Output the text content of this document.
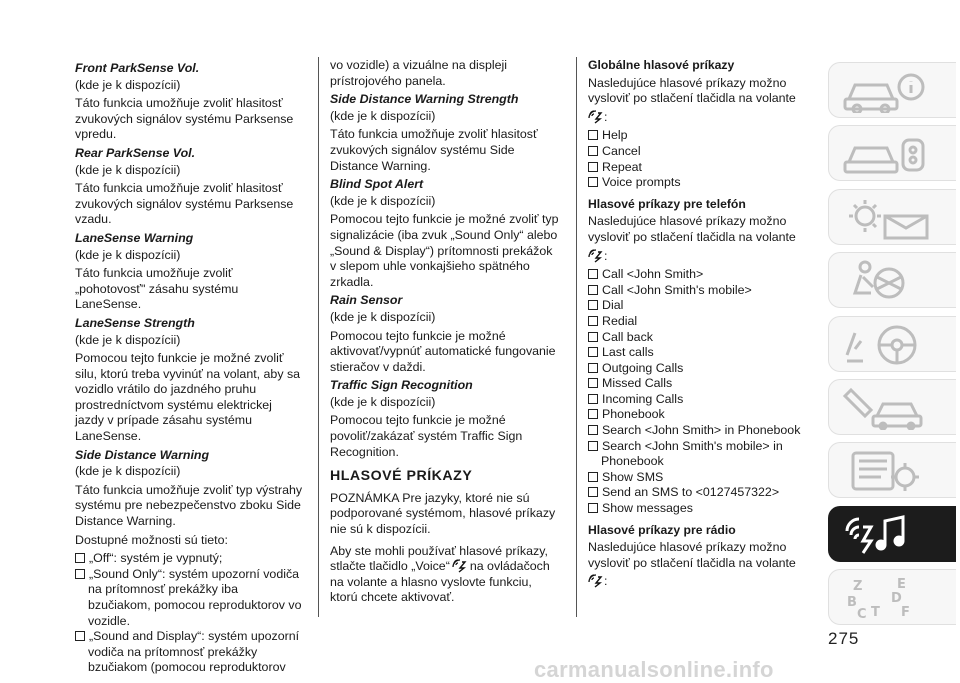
Front ParkSense Vol.
(kde je k dispozícii)
Táto funkcia umožňuje zvoliť hlasitosť zvukových signálov systému Parksense vpredu.
Rear ParkSense Vol.
(kde je k dispozícii)
Táto funkcia umožňuje zvoliť hlasitosť zvukových signálov systému Parksense vzadu.
LaneSense Warning
(kde je k dispozícii)
Táto funkcia umožňuje zvoliť „pohotovosť" zásahu systému LaneSense.
LaneSense Strength
(kde je k dispozícii)
Pomocou tejto funkcie je možné zvoliť silu, ktorú treba vyvinúť na volant, aby sa vozidlo vrátilo do jazdného pruhu prostredníctvom systému elektrickej jazdy v prípade zásahu systému LaneSense.
Side Distance Warning
(kde je k dispozícii)
Táto funkcia umožňuje zvoliť typ výstrahy systému pre nebezpečenstvo zboku Side Distance Warning.
Dostupné možnosti sú tieto:
„Off“: systém je vypnutý;
„Sound Only“: systém upozorní vodiča na prítomnosť prekážky iba bzučiakom, pomocou reproduktorov vo vozidle.
„Sound and Display“: systém upozorní vodiča na prítomnosť prekážky bzučiakom (pomocou reproduktorov
vo vozidle) a vizuálne na displeji prístrojového panela.
Side Distance Warning Strength
(kde je k dispozícii)
Táto funkcia umožňuje zvoliť hlasitosť zvukových signálov systému Side Distance Warning.
Blind Spot Alert
(kde je k dispozícii)
Pomocou tejto funkcie je možné zvoliť typ signalizácie (iba zvuk „Sound Only“ alebo „Sound & Display“) prítomnosti prekážok v slepom uhle vonkajšieho spätného zrkadla.
Rain Sensor
(kde je k dispozícii)
Pomocou tejto funkcie je možné aktivovať/vypnúť automatické fungovanie stieračov v daždi.
Traffic Sign Recognition
(kde je k dispozícii)
Pomocou tejto funkcie je možné povoliť/zakázať systém Traffic Sign Recognition.
HLASOVÉ PRÍKAZY
POZNÁMKA Pre jazyky, ktoré nie sú podporované systémom, hlasové príkazy nie sú k dispozícii.
Aby ste mohli používať hlasové príkazy, stlačte tlačidlo „Voice“ na ovládačoch na volante a hlasno vyslovte funkciu, ktorú chcete aktivovať.
Globálne hlasové príkazy
Nasledujúce hlasové príkazy možno vysloviť po stlačení tlačidla na volante
:
Help
Cancel
Repeat
Voice prompts
Hlasové príkazy pre telefón
Nasledujúce hlasové príkazy možno vysloviť po stlačení tlačidla na volante
:
Call <John Smith>
Call <John Smith's mobile>
Dial
Redial
Call back
Last calls
Outgoing Calls
Missed Calls
Incoming Calls
Phonebook
Search <John Smith> in Phonebook
Search <John Smith's mobile> in Phonebook
Show SMS
Send an SMS to <0127457322>
Show messages
Hlasové príkazy pre rádio
Nasledujúce hlasové príkazy možno vysloviť po stlačení tlačidla na volante
:	Z	E
B	D
C T F
275
carmanualsonline.info
